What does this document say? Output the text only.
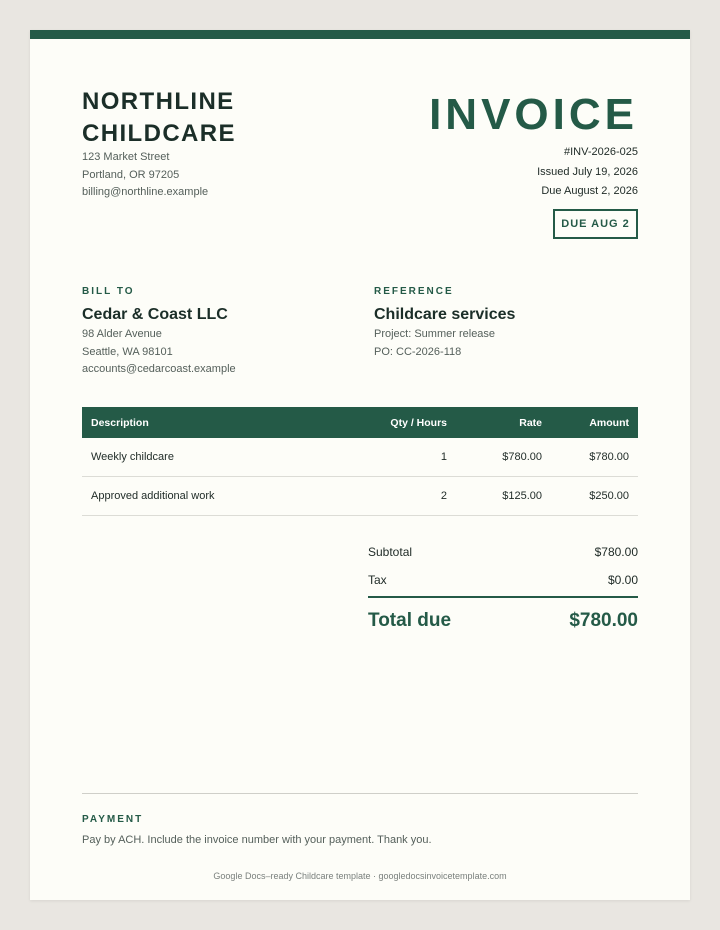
NORTHLINE CHILDCARE
123 Market Street
Portland, OR 97205
billing@northline.example
INVOICE
#INV-2026-025
Issued July 19, 2026
Due August 2, 2026
DUE AUG 2
BILL TO
Cedar & Coast LLC
98 Alder Avenue
Seattle, WA 98101
accounts@cedarcoast.example
REFERENCE
Childcare services
Project: Summer release
PO: CC-2026-118
Description	Qty / Hours	Rate	Amount
Weekly childcare	1	$780.00	$780.00
Approved additional work	2	$125.00	$250.00
Subtotal	$780.00
Tax	$0.00
Total due	$780.00
PAYMENT
Pay by ACH. Include the invoice number with your payment. Thank you.
Google Docs–ready Childcare template · googledocsinvoicetemplate.com
